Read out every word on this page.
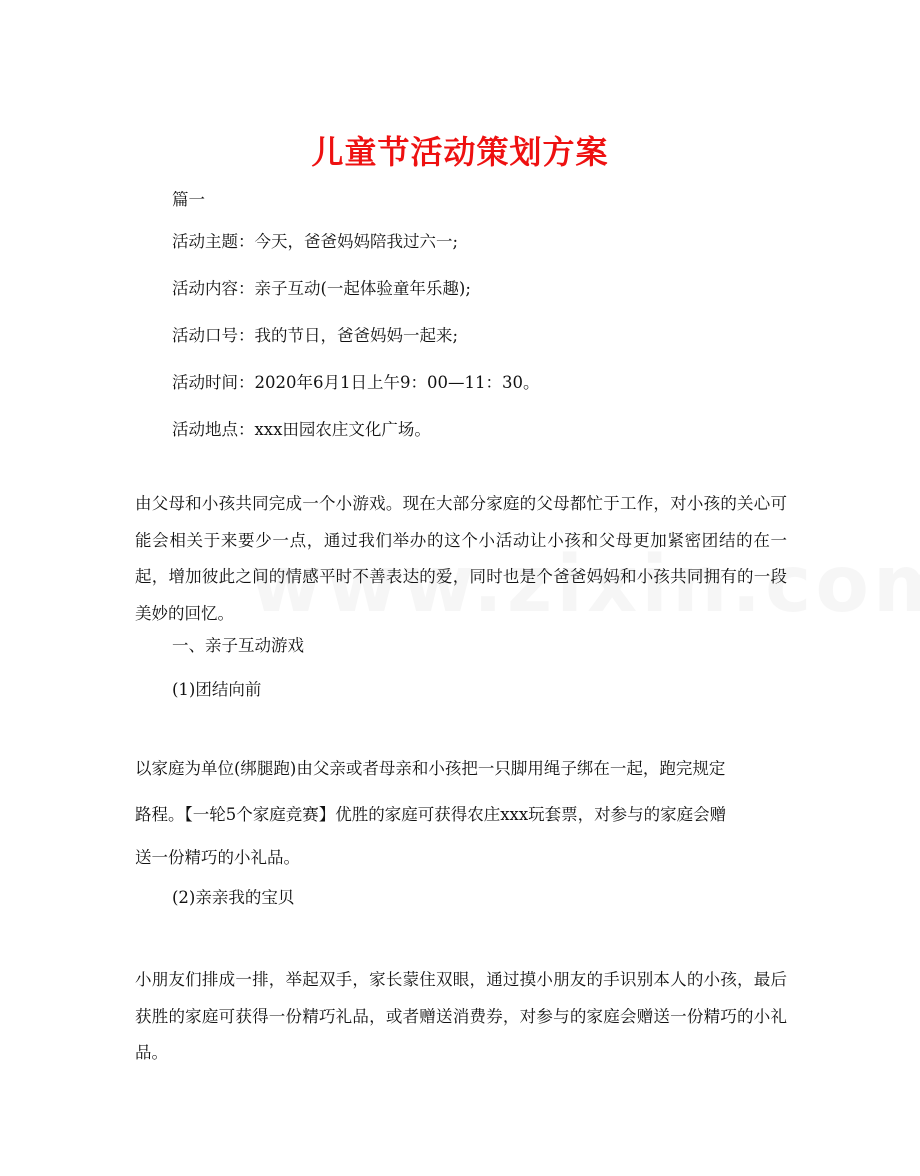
儿童节活动策划方案
篇一
活动主题：今天，爸爸妈妈陪我过六一;
活动内容：亲子互动(一起体验童年乐趣);
活动口号：我的节日，爸爸妈妈一起来;
活动时间：2020年6月1日上午9：00—11：30。
活动地点：xxx田园农庄文化广场。
由父母和小孩共同完成一个小游戏。现在大部分家庭的父母都忙于工作，对小孩的关心可能会相关于来要少一点，通过我们举办的这个小活动让小孩和父母更加紧密团结的在一起，增加彼此之间的情感平时不善表达的爱，同时也是个爸爸妈妈和小孩共同拥有的一段美妙的回忆。
一、亲子互动游戏
(1)团结向前
以家庭为单位(绑腿跑)由父亲或者母亲和小孩把一只脚用绳子绑在一起，跑完规定
路程。【一轮5个家庭竞赛】优胜的家庭可获得农庄xxx玩套票，对参与的家庭会赠
送一份精巧的小礼品。
(2)亲亲我的宝贝
小朋友们排成一排，举起双手，家长蒙住双眼，通过摸小朋友的手识别本人的小孩，最后获胜的家庭可获得一份精巧礼品，或者赠送消费券，对参与的家庭会赠送一份精巧的小礼品。
